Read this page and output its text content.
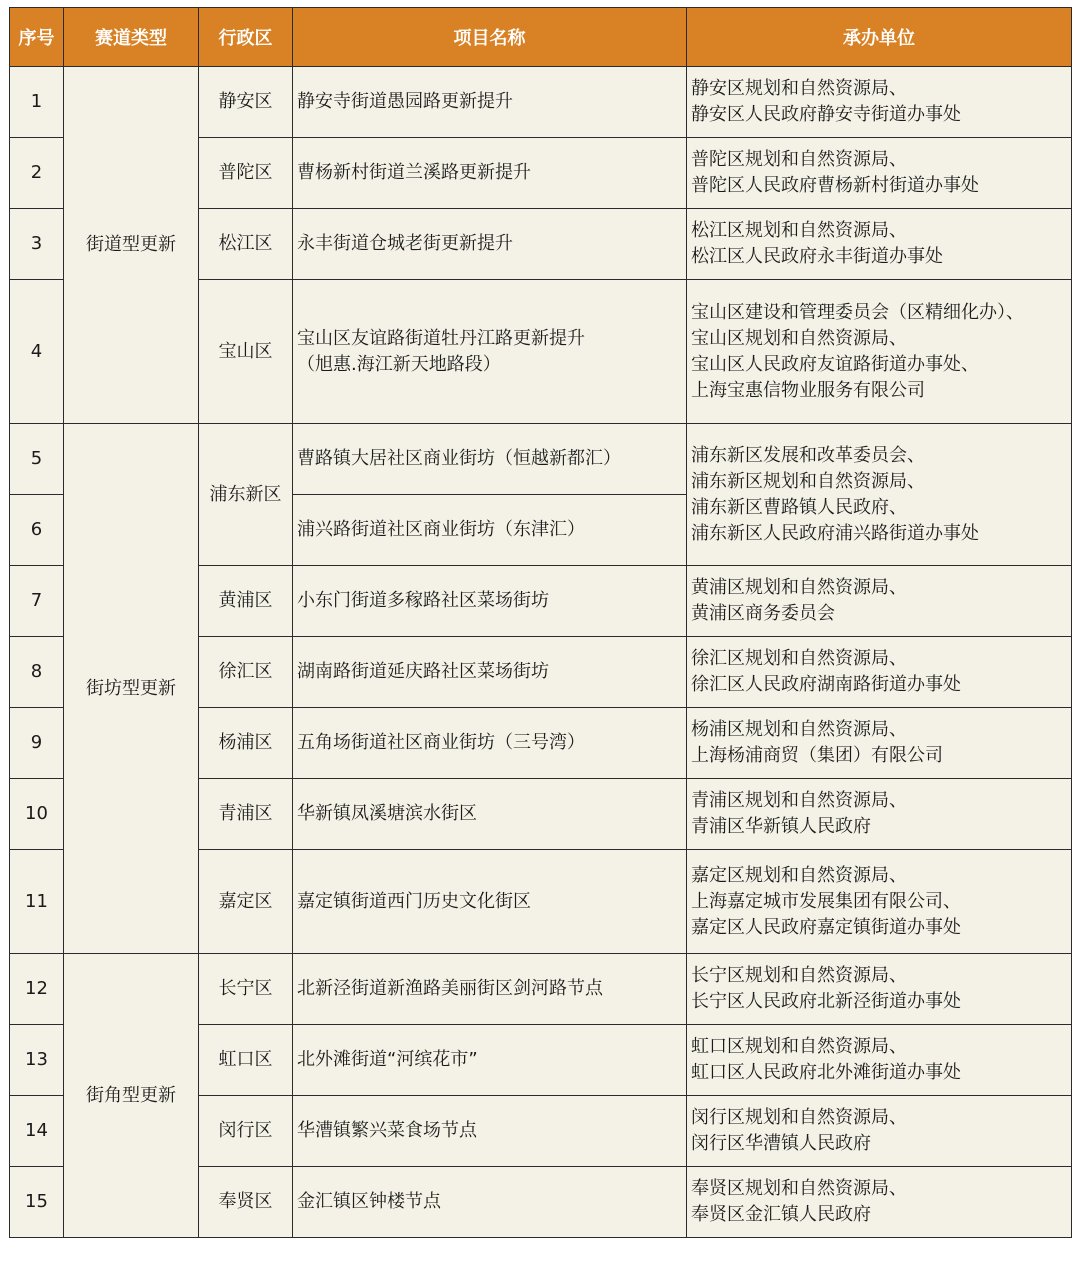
序号	赛道类型	行政区	项目名称	承办单位
1	街道型更新	静安区	静安寺街道愚园路更新提升	静安区规划和自然资源局、
静安区人民政府静安寺街道办事处

2		普陀区	曹杨新村街道兰溪路更新提升	普陀区规划和自然资源局、
普陀区人民政府曹杨新村街道办事处

3		松江区	永丰街道仓城老街更新提升	松江区规划和自然资源局、
松江区人民政府永丰街道办事处

4		宝山区	宝山区友谊路街道牡丹江路更新提升
（旭惠.海江新天地路段）	宝山区建设和管理委员会（区精细化办）、
宝山区规划和自然资源局、
宝山区人民政府友谊路街道办事处、
上海宝惠信物业服务有限公司

5	街坊型更新	浦东新区	曹路镇大居社区商业街坊（恒越新都汇）	浦东新区发展和改革委员会、
浦东新区规划和自然资源局、
浦东新区曹路镇人民政府、
浦东新区人民政府浦兴路街道办事处

6			浦兴路街道社区商业街坊（东津汇）	
7		黄浦区	小东门街道多稼路社区菜场街坊	黄浦区规划和自然资源局、
黄浦区商务委员会

8		徐汇区	湖南路街道延庆路社区菜场街坊	徐汇区规划和自然资源局、
徐汇区人民政府湖南路街道办事处

9		杨浦区	五角场街道社区商业街坊（三号湾）	杨浦区规划和自然资源局、
上海杨浦商贸（集团）有限公司

10		青浦区	华新镇凤溪塘滨水街区	青浦区规划和自然资源局、
青浦区华新镇人民政府

11		嘉定区	嘉定镇街道西门历史文化街区	嘉定区规划和自然资源局、
上海嘉定城市发展集团有限公司、
嘉定区人民政府嘉定镇街道办事处

12	街角型更新	长宁区	北新泾街道新渔路美丽街区剑河路节点	长宁区规划和自然资源局、
长宁区人民政府北新泾街道办事处

13		虹口区	北外滩街道“河缤花市”	虹口区规划和自然资源局、
虹口区人民政府北外滩街道办事处

14		闵行区	华漕镇繁兴菜食场节点	闵行区规划和自然资源局、
闵行区华漕镇人民政府

15		奉贤区	金汇镇区钟楼节点	奉贤区规划和自然资源局、
奉贤区金汇镇人民政府
